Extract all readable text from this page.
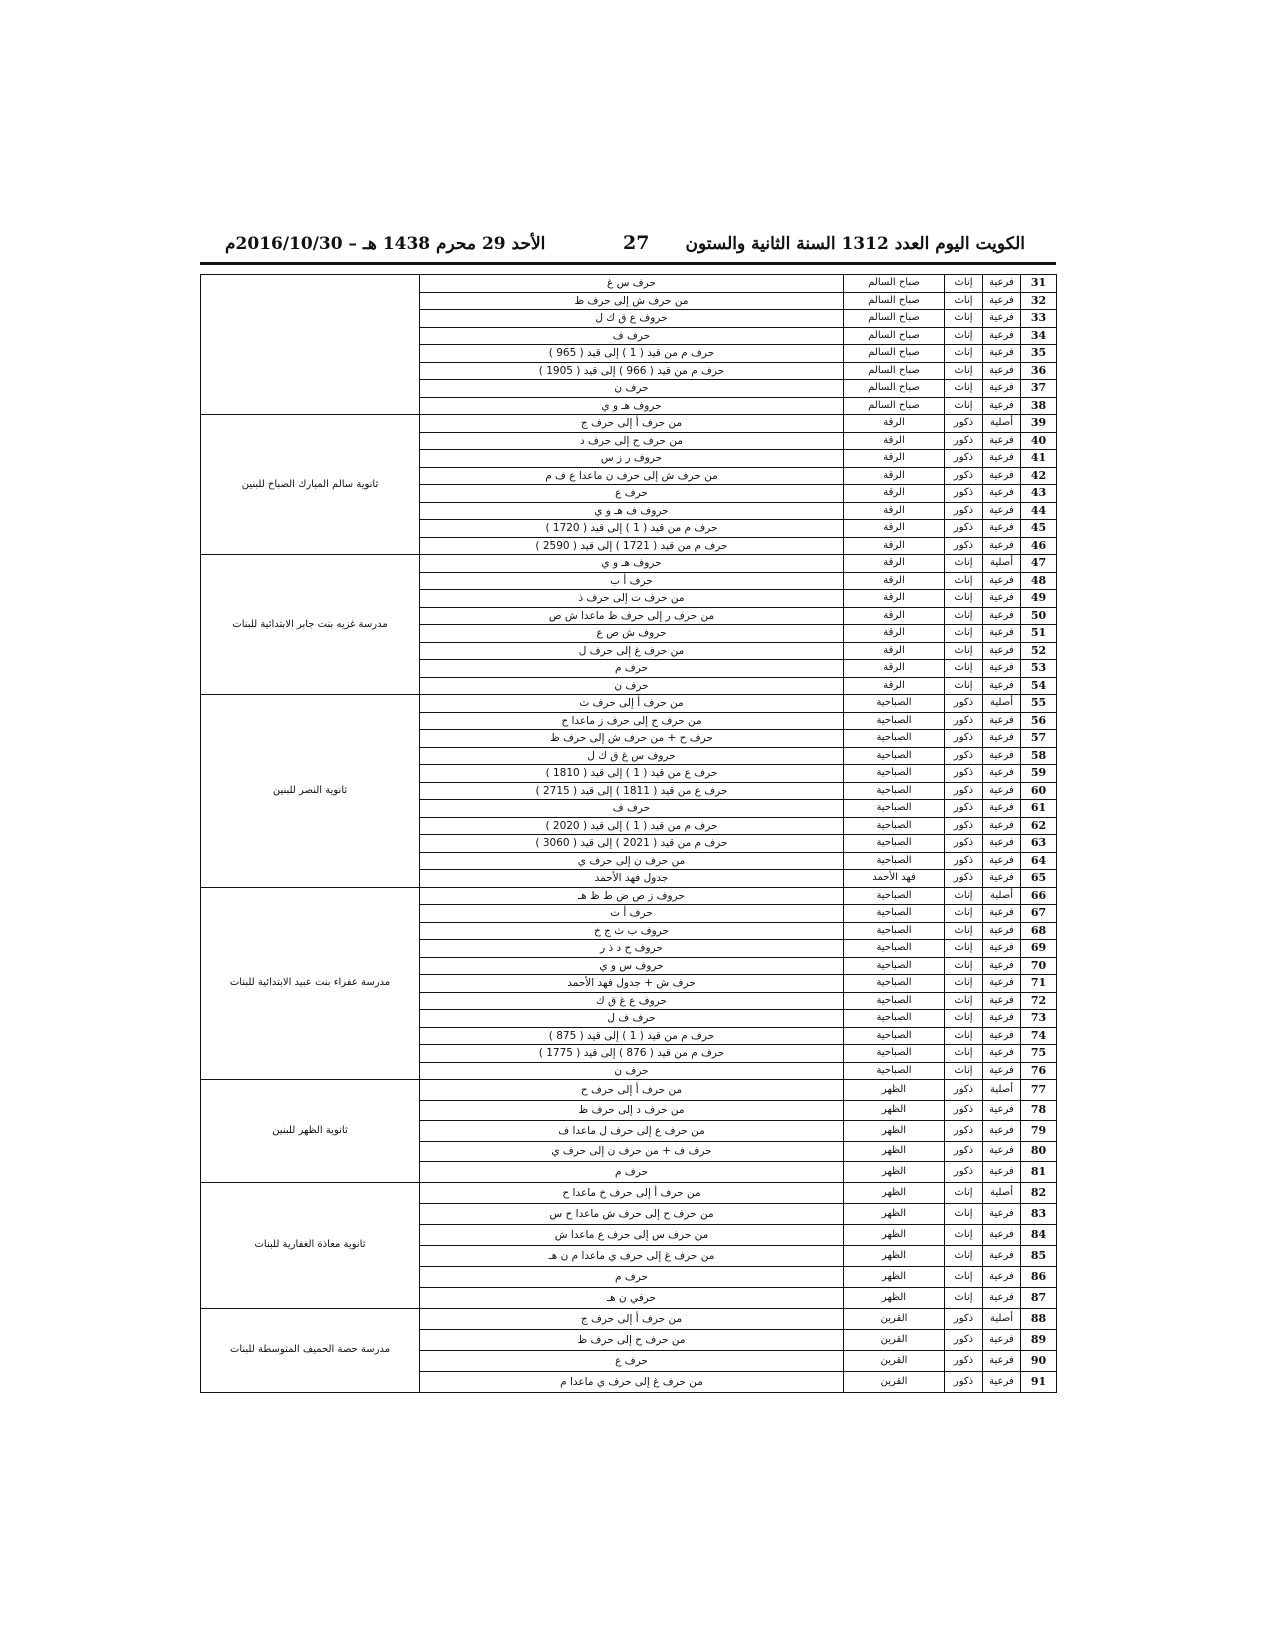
الكويت اليوم العدد 1312 السنة الثانية والستون
27
الأحد 29 محرم 1438 هـ – 2016/10/30م
31	فرعية	إناث	صباح السالم	حرف س غ	
32	فرعية	إناث	صباح السالم	من حرف ش إلى حرف ظ	
33	فرعية	إناث	صباح السالم	حروف ع ق ك ل	
34	فرعية	إناث	صباح السالم	حرف ف	
35	فرعية	إناث	صباح السالم	حرف م من قيد ( 1 ) إلى قيد ( 965 )	
36	فرعية	إناث	صباح السالم	حرف م من قيد ( 966 ) إلى قيد ( 1905 )	
37	فرعية	إناث	صباح السالم	حرف ن	
38	فرعية	إناث	صباح السالم	حروف هـ و ي	
39	أصلية	ذكور	الرقة	من حرف أ إلى حرف ج	ثانوية سالم المبارك الصباح للبنين
40	فرعية	ذكور	الرقة	من حرف ح إلى حرف د	
41	فرعية	ذكور	الرقة	حروف ر ز س	
42	فرعية	ذكور	الرقة	من حرف ش إلى حرف ن ماعدا ع ف م	
43	فرعية	ذكور	الرقة	حرف ع	
44	فرعية	ذكور	الرقة	حروف ف هـ و ي	
45	فرعية	ذكور	الرقة	حرف م من قيد ( 1 ) إلى قيد ( 1720 )	
46	فرعية	ذكور	الرقة	حرف م من قيد ( 1721 ) إلى قيد ( 2590 )	
47	أصلية	إناث	الرقة	حروف هـ و ي	مدرسة غزيه بنت جابر الابتدائية للبنات
48	فرعية	إناث	الرقة	حرف أ ب	
49	فرعية	إناث	الرقة	من حرف ت إلى حرف ذ	
50	فرعية	إناث	الرقة	من حرف ر إلى حرف ظ ماعدا ش ص	
51	فرعية	إناث	الرقة	حروف ش ص ع	
52	فرعية	إناث	الرقة	من حرف غ إلى حرف ل	
53	فرعية	إناث	الرقة	حرف م	
54	فرعية	إناث	الرقة	حرف ن	
55	أصلية	ذكور	الصباحية	من حرف أ إلى حرف ث	ثانوية النصر للبنين
56	فرعية	ذكور	الصباحية	من حرف ج إلى حرف ز ماعدا ح	
57	فرعية	ذكور	الصباحية	حرف ح + من حرف ش إلى حرف ظ	
58	فرعية	ذكور	الصباحية	حروف س غ ق ك ل	
59	فرعية	ذكور	الصباحية	حرف ع من قيد ( 1 ) إلى قيد ( 1810 )	
60	فرعية	ذكور	الصباحية	حرف ع من قيد ( 1811 ) إلى قيد ( 2715 )	
61	فرعية	ذكور	الصباحية	حرف ف	
62	فرعية	ذكور	الصباحية	حرف م من قيد ( 1 ) إلى قيد ( 2020 )	
63	فرعية	ذكور	الصباحية	حرف م من قيد ( 2021 ) إلى قيد ( 3060 )	
64	فرعية	ذكور	الصباحية	من حرف ن إلى حرف ي	
65	فرعية	ذكور	فهد الأحمد	جدول فهد الأحمد	
66	أصلية	إناث	الصباحية	حروف ز ص ض ط ظ هـ	مدرسة عفراء بنت عبيد الابتدائية للبنات
67	فرعية	إناث	الصباحية	حرف أ ت	
68	فرعية	إناث	الصباحية	حروف ب ث ج خ	
69	فرعية	إناث	الصباحية	حروف ح د ذ ر	
70	فرعية	إناث	الصباحية	حروف س و ي	
71	فرعية	إناث	الصباحية	حرف ش + جدول فهد الأحمد	
72	فرعية	إناث	الصباحية	حروف ع غ ق ك	
73	فرعية	إناث	الصباحية	حرف ف ل	
74	فرعية	إناث	الصباحية	حرف م من قيد ( 1 ) إلى قيد ( 875 )	
75	فرعية	إناث	الصباحية	حرف م من قيد ( 876 ) إلى قيد ( 1775 )	
76	فرعية	إناث	الصباحية	حرف ن	
77	أصلية	ذكور	الظهر	من حرف أ إلى حرف ح	ثانوية الظهر للبنين
78	فرعية	ذكور	الظهر	من حرف د إلى حرف ظ	
79	فرعية	ذكور	الظهر	من حرف ع إلى حرف ل ماعدا ف	
80	فرعية	ذكور	الظهر	حرف ف + من حرف ن إلى حرف ي	
81	فرعية	ذكور	الظهر	حرف م	
82	أصلية	إناث	الظهر	من حرف أ إلى حرف خ ماعدا ح	ثانوية معاذة الغفارية للبنات
83	فرعية	إناث	الظهر	من حرف ح إلى حرف ش ماعدا ح س	
84	فرعية	إناث	الظهر	من حرف س إلى حرف ع ماعدا ش	
85	فرعية	إناث	الظهر	من حرف غ إلى حرف ي ماعدا م ن هـ	
86	فرعية	إناث	الظهر	حرف م	
87	فرعية	إناث	الظهر	حرفي ن هـ	
88	أصلية	ذكور	القرين	من حرف أ إلى حرف ج	مدرسة حصة الحميف المتوسطة للبنات
89	فرعية	ذكور	القرين	من حرف ح إلى حرف ظ	
90	فرعية	ذكور	القرين	حرف ع	
91	فرعية	ذكور	القرين	من حرف غ إلى حرف ي ماعدا م	
